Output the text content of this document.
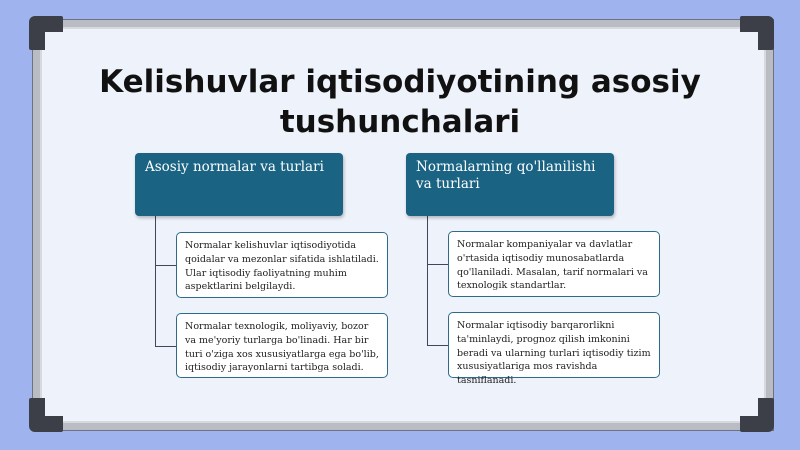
Kelishuvlar iqtisodiyotining asosiy tushunchalari
Asosiy normalar va turlari
Normalar kelishuvlar iqtisodiyotida qoidalar va mezonlar sifatida ishlatiladi. Ular iqtisodiy faoliyatning muhim aspektlarini belgilaydi.
Normalar texnologik, moliyaviy, bozor va me'yoriy turlarga bo'linadi. Har bir turi o'ziga xos xususiyatlarga ega bo'lib, iqtisodiy jarayonlarni tartibga soladi.
Normalarning qo'llanilishi va turlari
Normalar kompaniyalar va davlatlar o'rtasida iqtisodiy munosabatlarda qo'llaniladi. Masalan, tarif normalari va texnologik standartlar.
Normalar iqtisodiy barqarorlikni ta'minlaydi, prognoz qilish imkonini beradi va ularning turlari iqtisodiy tizim xususiyatlariga mos ravishda tasniflanadi.
